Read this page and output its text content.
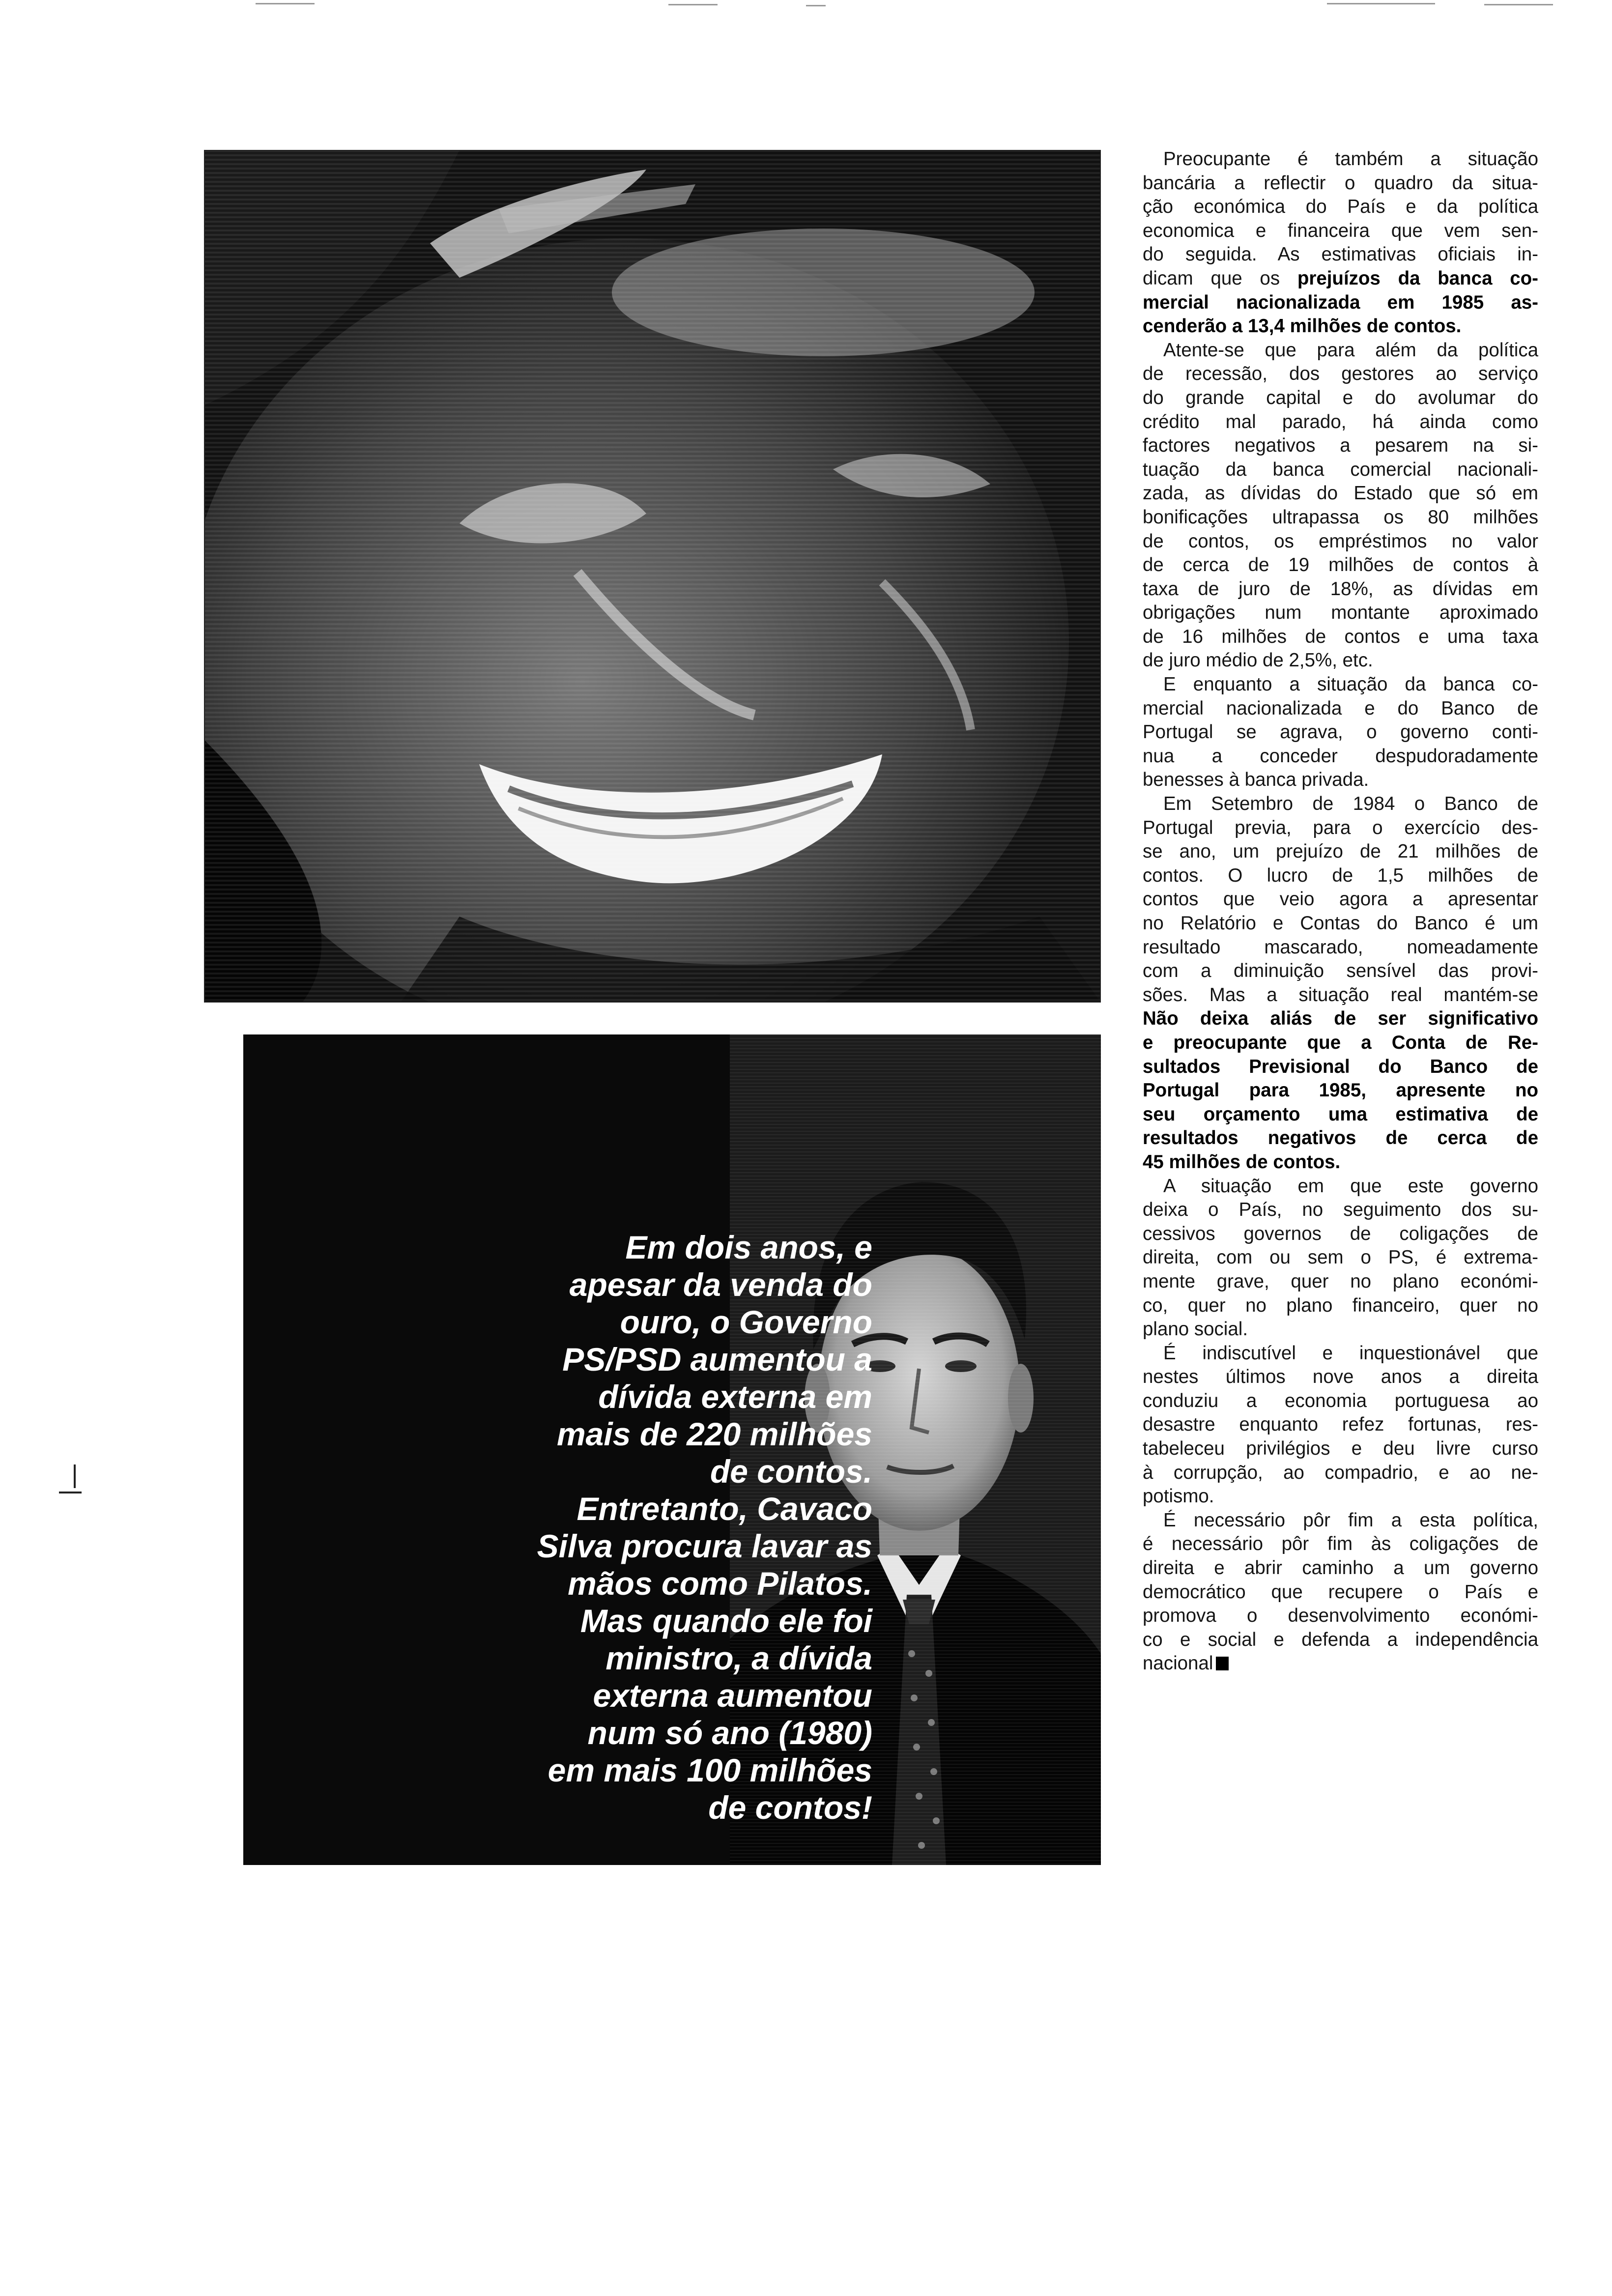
Em dois anos, e
apesar da venda do
ouro, o Governo
PS/PSD aumentou a
dívida externa em
mais de 220 milhões
de contos.
Entretanto, Cavaco
Silva procura lavar as
mãos como Pilatos.
Mas quando ele foi
ministro, a dívida
externa aumentou
num só ano (1980)
em mais 100 milhões
de contos!
Preocupante é também a situação
bancária a reflectir o quadro da situa-
ção económica do País e da política
economica e financeira que vem sen-
do seguida. As estimativas oficiais in-
dicam que os prejuízos da banca co-
mercial nacionalizada em 1985 as-
cenderão a 13,4 milhões de contos.
Atente-se que para além da política
de recessão, dos gestores ao serviço
do grande capital e do avolumar do
crédito mal parado, há ainda como
factores negativos a pesarem na si-
tuação da banca comercial nacionali-
zada, as dívidas do Estado que só em
bonificações ultrapassa os 80 milhões
de contos, os empréstimos no valor
de cerca de 19 milhões de contos à
taxa de juro de 18%, as dívidas em
obrigações num montante aproximado
de 16 milhões de contos e uma taxa
de juro médio de 2,5%, etc.
E enquanto a situação da banca co-
mercial nacionalizada e do Banco de
Portugal se agrava, o governo conti-
nua a conceder despudoradamente
benesses à banca privada.
Em Setembro de 1984 o Banco de
Portugal previa, para o exercício des-
se ano, um prejuízo de 21 milhões de
contos. O lucro de 1,5 milhões de
contos que veio agora a apresentar
no Relatório e Contas do Banco é um
resultado mascarado, nomeadamente
com a diminuição sensível das provi-
sões. Mas a situação real mantém-se
Não deixa aliás de ser significativo
e preocupante que a Conta de Re-
sultados Previsional do Banco de
Portugal para 1985, apresente no
seu orçamento uma estimativa de
resultados negativos de cerca de
45 milhões de contos.
A situação em que este governo
deixa o País, no seguimento dos su-
cessivos governos de coligações de
direita, com ou sem o PS, é extrema-
mente grave, quer no plano económi-
co, quer no plano financeiro, quer no
plano social.
É indiscutível e inquestionável que
nestes últimos nove anos a direita
conduziu a economia portuguesa ao
desastre enquanto refez fortunas, res-
tabeleceu privilégios e deu livre curso
à corrupção, ao compadrio, e ao ne-
potismo.
É necessário pôr fim a esta política,
é necessário pôr fim às coligações de
direita e abrir caminho a um governo
democrático que recupere o País e
promova o desenvolvimento económi-
co e social e defenda a independência
nacional
